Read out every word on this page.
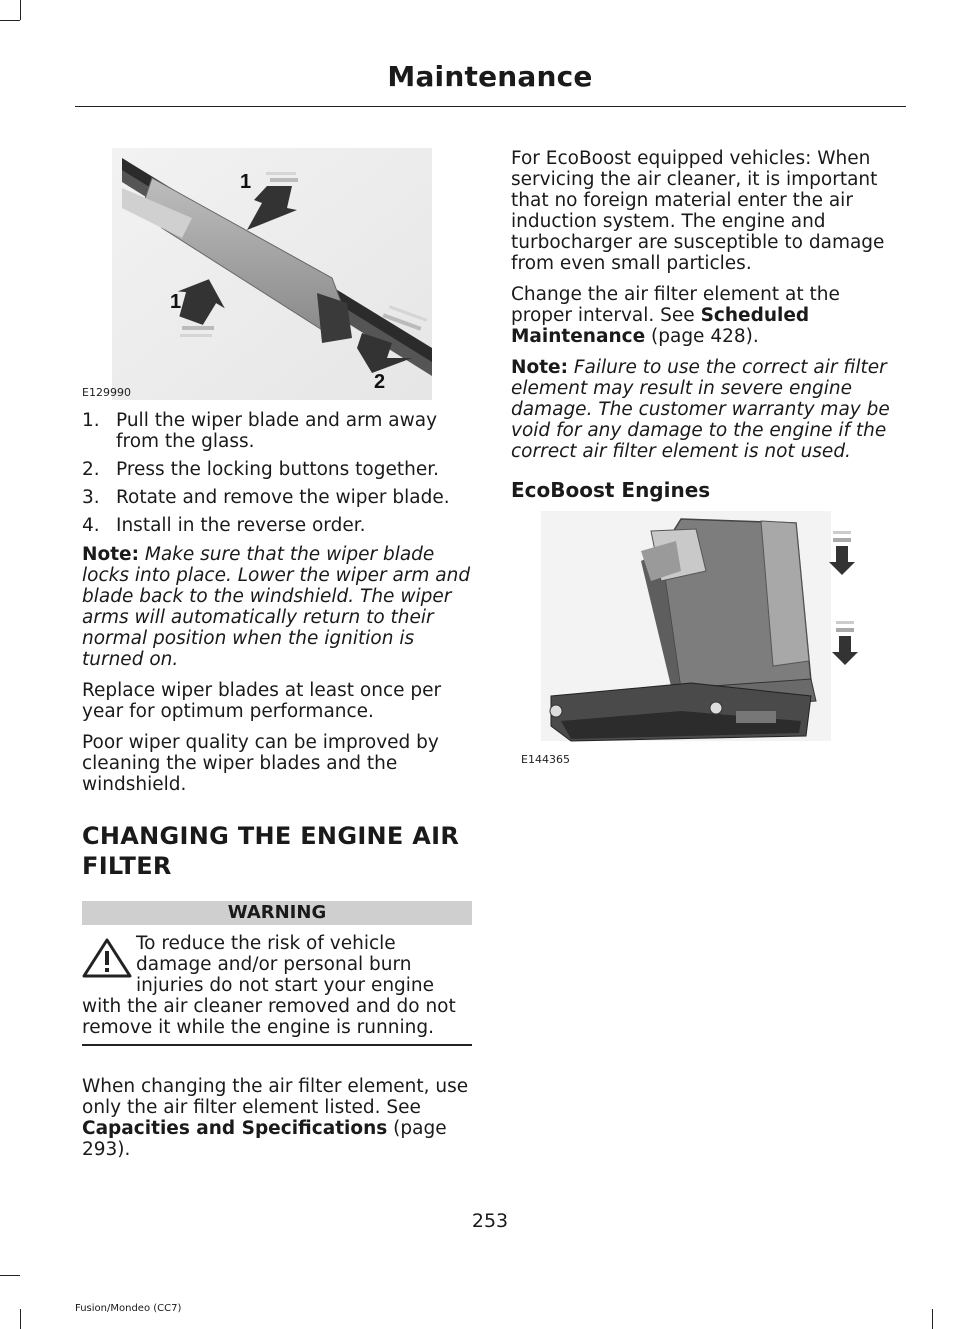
Maintenance
1
1
2
E129990
1. Pull the wiper blade and arm away from the glass.
2. Press the locking buttons together.
3. Rotate and remove the wiper blade.
4. Install in the reverse order.

Note: Make sure that the wiper blade locks into place. Lower the wiper arm and blade back to the windshield. The wiper arms will automatically return to their normal position when the ignition is turned on.

Replace wiper blades at least once per year for optimum performance.

Poor wiper quality can be improved by cleaning the wiper blades and the windshield.

CHANGING THE ENGINE AIR FILTER
WARNING
To reduce the risk of vehicle damage and/or personal burn injuries do not start your engine with the air cleaner removed and do not remove it while the engine is running.

When changing the air filter element, use only the air filter element listed. See Capacities and Specifications (page 293).

For EcoBoost equipped vehicles: When servicing the air cleaner, it is important that no foreign material enter the air induction system. The engine and turbocharger are susceptible to damage from even small particles.

Change the air filter element at the proper interval. See Scheduled Maintenance (page 428).

Note: Failure to use the correct air filter element may result in severe engine damage. The customer warranty may be void for any damage to the engine if the correct air filter element is not used.

EcoBoost Engines
E144365
253
Fusion/Mondeo (CC7)
